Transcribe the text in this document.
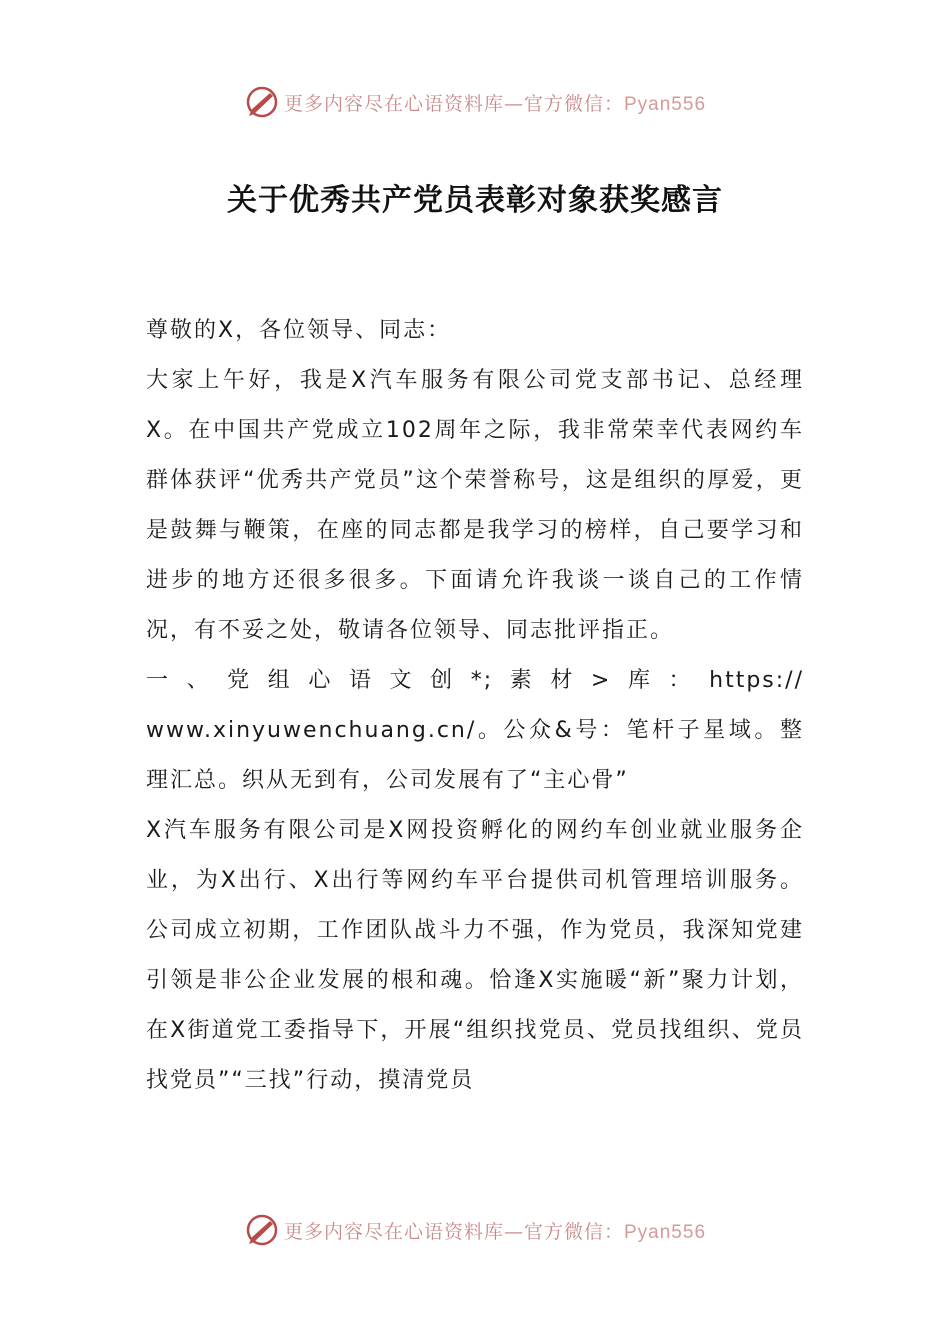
更多内容尽在心语资料库—官方微信：Pyan556
关于优秀共产党员表彰对象获奖感言

尊敬的X，各位领导、同志：

大家上午好，我是X汽车服务有限公司党支部书记、总经理X。在中国共产党成立102周年之际，我非常荣幸代表网约车群体获评“优秀共产党员”这个荣誉称号，这是组织的厚爱，更是鼓舞与鞭策，在座的同志都是我学习的榜样，自己要学习和进步的地方还很多很多。下面请允许我谈一谈自己的工作情况，有不妥之处，敬请各位领导、同志批评指正。

一、党组心语文创*;素材>库：https://

www.xinyuwenchuang.cn/。公众&号：笔杆子星域。整理汇总。织从无到有，公司发展有了“主心骨”

X汽车服务有限公司是X网投资孵化的网约车创业就业服务企业，为X出行、X出行等网约车平台提供司机管理培训服务。公司成立初期，工作团队战斗力不强，作为党员，我深知党建引领是非公企业发展的根和魂。恰逢X实施暖“新”聚力计划，在X街道党工委指导下，开展“组织找党员、党员找组织、党员找党员”“三找”行动，摸清党员

更多内容尽在心语资料库—官方微信：Pyan556
